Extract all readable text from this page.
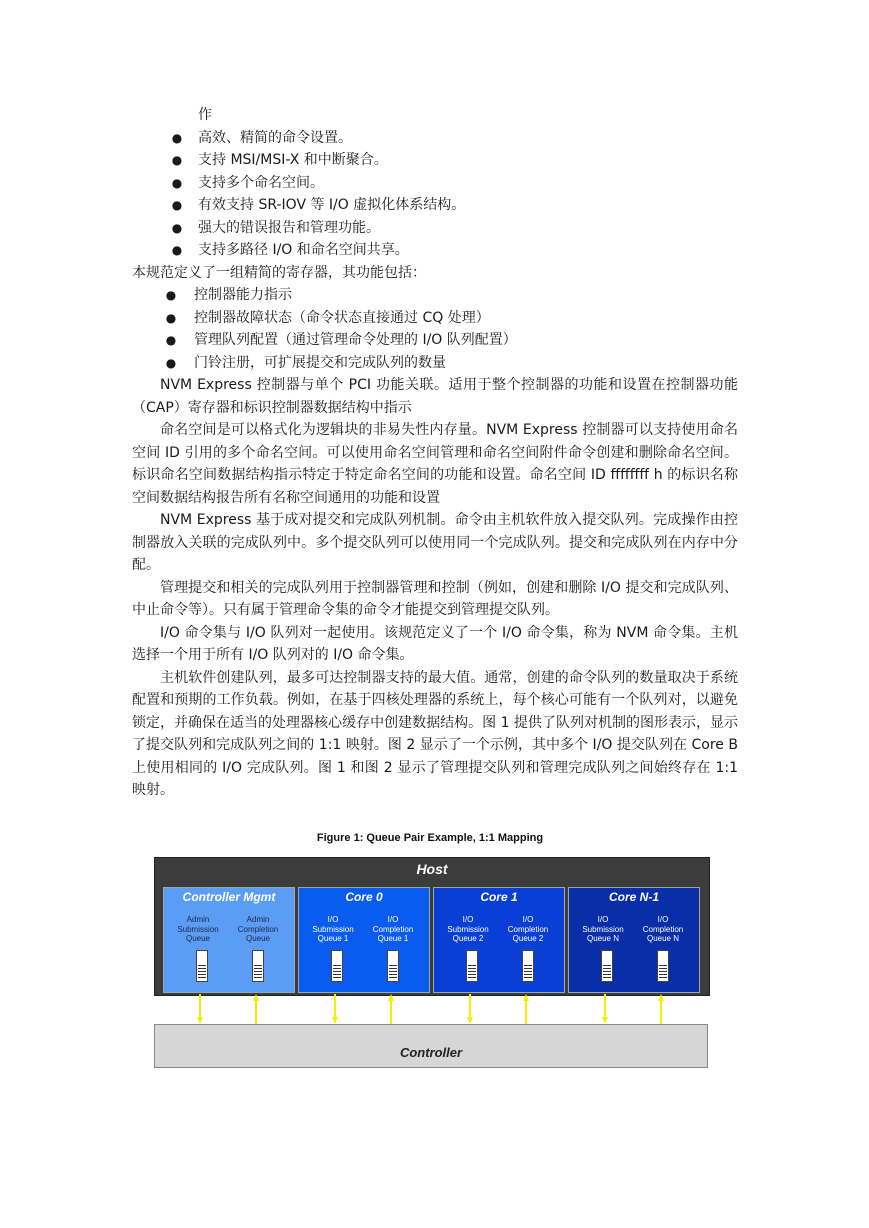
作
● 高效、精简的命令设置。
● 支持 MSI/MSI-X 和中断聚合。
● 支持多个命名空间。
● 有效支持 SR-IOV 等 I/O 虚拟化体系结构。
● 强大的错误报告和管理功能。
● 支持多路径 I/O 和命名空间共享。
本规范定义了一组精简的寄存器，其功能包括：
● 控制器能力指示
● 控制器故障状态（命令状态直接通过 CQ 处理）
● 管理队列配置（通过管理命令处理的 I/O 队列配置）
● 门铃注册，可扩展提交和完成队列的数量
NVM Express 控制器与单个 PCI 功能关联。适用于整个控制器的功能和设置在控制器功能（CAP）寄存器和标识控制器数据结构中指示
命名空间是可以格式化为逻辑块的非易失性内存量。NVM Express 控制器可以支持使用命名空间 ID 引用的多个命名空间。可以使用命名空间管理和命名空间附件命令创建和删除命名空间。标识命名空间数据结构指示特定于特定命名空间的功能和设置。命名空间 ID ffffffff h 的标识名称空间数据结构报告所有名称空间通用的功能和设置
NVM Express 基于成对提交和完成队列机制。命令由主机软件放入提交队列。完成操作由控制器放入关联的完成队列中。多个提交队列可以使用同一个完成队列。提交和完成队列在内存中分配。
管理提交和相关的完成队列用于控制器管理和控制（例如，创建和删除 I/O 提交和完成队列、中止命令等）。只有属于管理命令集的命令才能提交到管理提交队列。
I/O 命令集与 I/O 队列对一起使用。该规范定义了一个 I/O 命令集，称为 NVM 命令集。主机选择一个用于所有 I/O 队列对的 I/O 命令集。
主机软件创建队列，最多可达控制器支持的最大值。通常，创建的命令队列的数量取决于系统配置和预期的工作负载。例如，在基于四核处理器的系统上，每个核心可能有一个队列对，以避免锁定，并确保在适当的处理器核心缓存中创建数据结构。图 1 提供了队列对机制的图形表示，显示了提交队列和完成队列之间的 1:1 映射。图 2 显示了一个示例，其中多个 I/O 提交队列在 Core B 上使用相同的 I/O 完成队列。图 1 和图 2 显示了管理提交队列和管理完成队列之间始终存在 1:1 映射。
Figure 1: Queue Pair Example, 1:1 Mapping
Host
Controller Mgmt
Admin
Submission
Queue
Admin
Completion
Queue
Core 0
I/O
Submission
Queue 1
I/O
Completion
Queue 1
Core 1
I/O
Submission
Queue 2
I/O
Completion
Queue 2
Core N-1
I/O
Submission
Queue N
I/O
Completion
Queue N
Controller
